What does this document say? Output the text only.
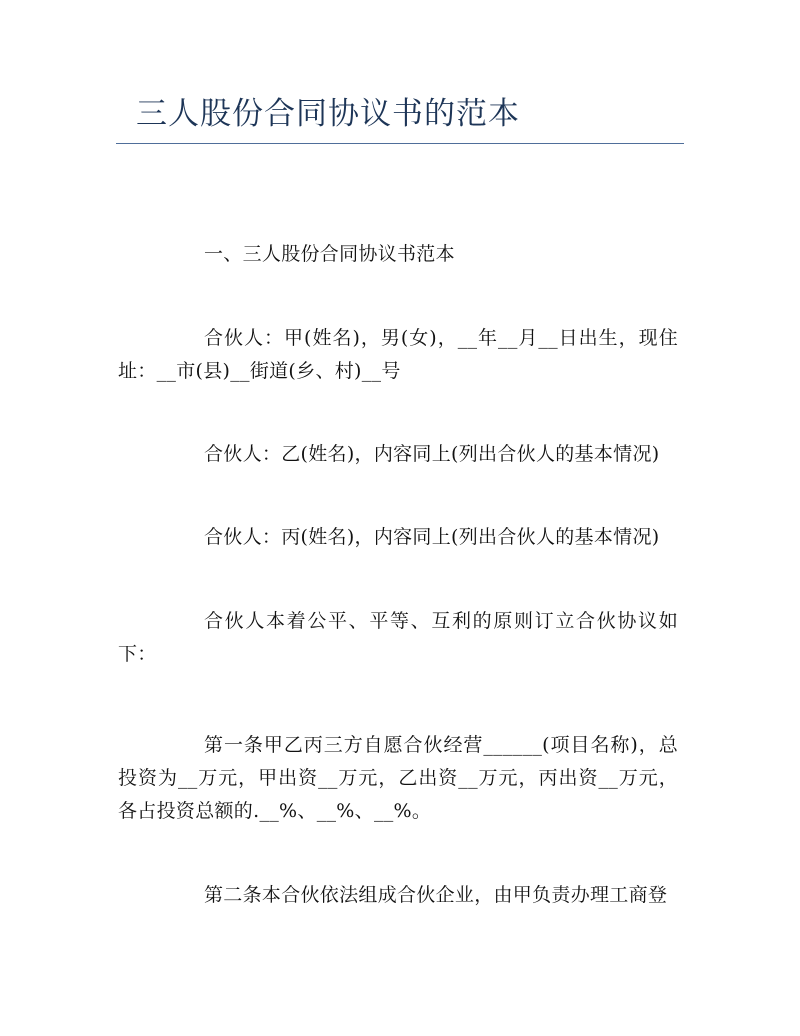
三人股份合同协议书的范本

一、三人股份合同协议书范本

合伙人：甲(姓名)，男(女)，__年__月__日出生，现住址：__市(县)__街道(乡、村)__号

合伙人：乙(姓名)，内容同上(列出合伙人的基本情况)

合伙人：丙(姓名)，内容同上(列出合伙人的基本情况)

合伙人本着公平、平等、互利的原则订立合伙协议如下：

第一条甲乙丙三方自愿合伙经营______(项目名称)，总投资为__万元，甲出资__万元，乙出资__万元，丙出资__万元，各占投资总额的.__%、__%、__%。

第二条本合伙依法组成合伙企业，由甲负责办理工商登
